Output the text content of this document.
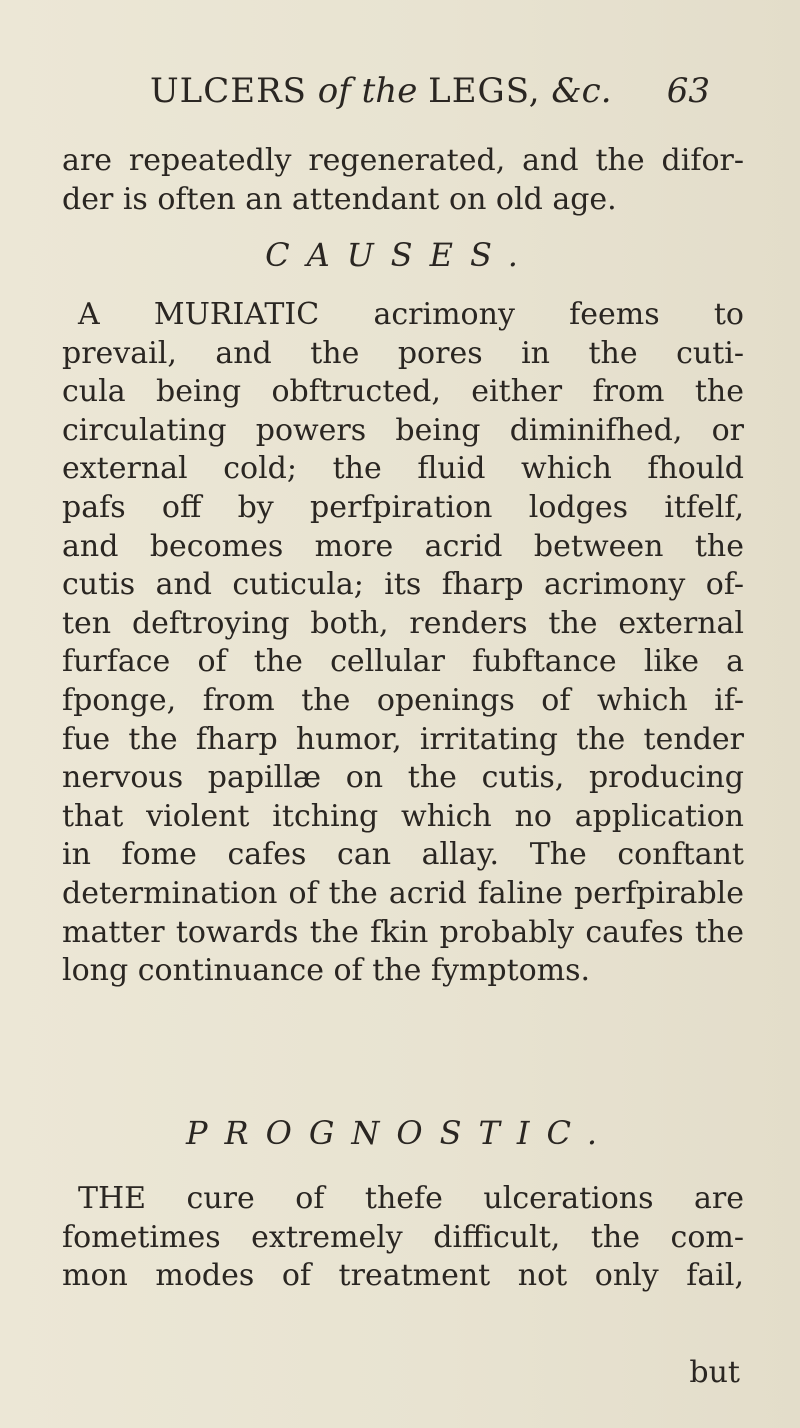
ULCERS of the LEGS, &c. 63
are repeatedly regenerated, and the difor-
der is often an attendant on old age.
CAUSES.
A MURIATIC acrimony feems to
prevail, and the pores in the cuti-
cula being obftructed, either from the
circulating powers being diminifhed, or
external cold; the fluid which fhould
pafs off by perfpiration lodges itfelf,
and becomes more acrid between the
cutis and cuticula; its fharp acrimony of-
ten deftroying both, renders the external
furface of the cellular fubftance like a
fponge, from the openings of which if-
fue the fharp humor, irritating the tender
nervous papillæ on the cutis, producing
that violent itching which no application
in fome cafes can allay. The conftant
determination of the acrid faline perfpirable
matter towards the fkin probably caufes the
long continuance of the fymptoms.
PROGNOSTIC.
THE cure of thefe ulcerations are
fometimes extremely difficult, the com-
mon modes of treatment not only fail,
but
